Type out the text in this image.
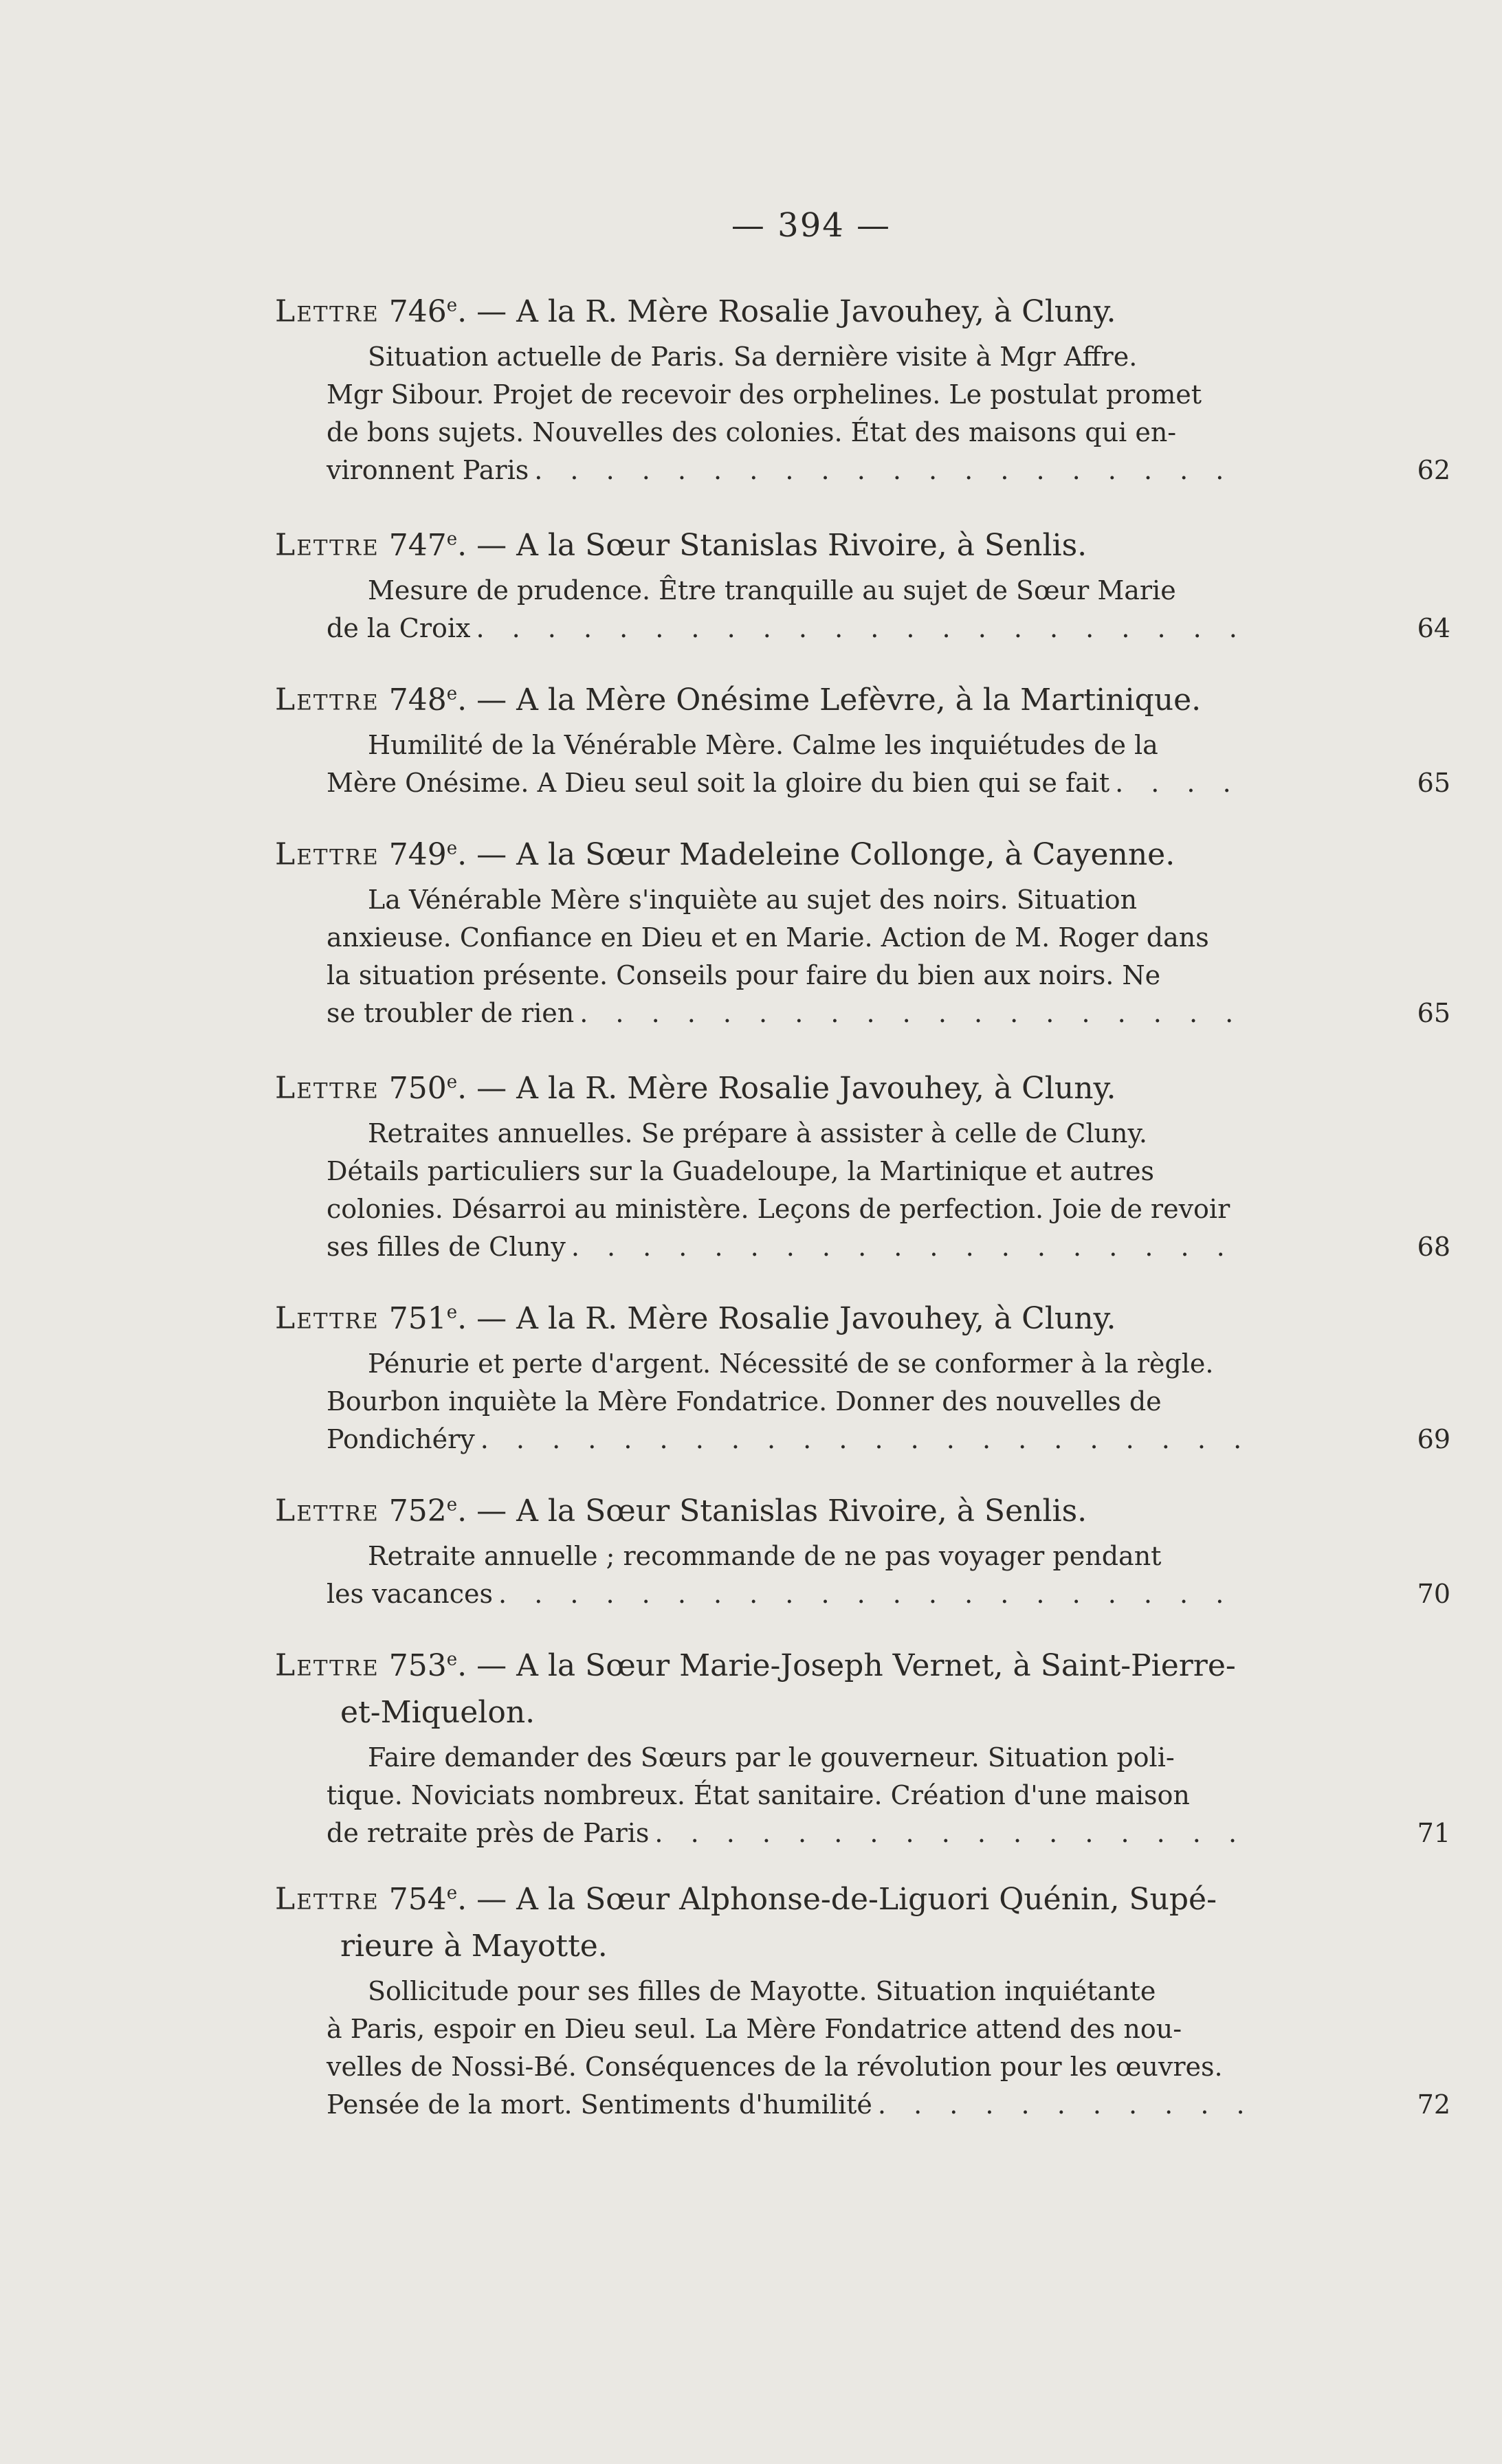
— 394 —
Lettre 746e. — A la R. Mère Rosalie Javouhey, à Cluny.
Situation actuelle de Paris. Sa dernière visite à Mgr Affre.
Mgr Sibour. Projet de recevoir des orphelines. Le postulat promet
de bons sujets. Nouvelles des colonies. État des maisons qui en-
vironnent Paris . . .	62
Lettre 747e. — A la Sœur Stanislas Rivoire, à Senlis.
Mesure de prudence. Être tranquille au sujet de Sœur Marie
de la Croix . . .	64
Lettre 748e. — A la Mère Onésime Lefèvre, à la Martinique.
Humilité de la Vénérable Mère. Calme les inquiétudes de la
Mère Onésime. A Dieu seul soit la gloire du bien qui se fait . . .	65
Lettre 749e. — A la Sœur Madeleine Collonge, à Cayenne.
La Vénérable Mère s'inquiète au sujet des noirs. Situation
anxieuse. Confiance en Dieu et en Marie. Action de M. Roger dans
la situation présente. Conseils pour faire du bien aux noirs. Ne
se troubler de rien . . .	65
Lettre 750e. — A la R. Mère Rosalie Javouhey, à Cluny.
Retraites annuelles. Se prépare à assister à celle de Cluny.
Détails particuliers sur la Guadeloupe, la Martinique et autres
colonies. Désarroi au ministère. Leçons de perfection. Joie de revoir
ses filles de Cluny . . .	68
Lettre 751e. — A la R. Mère Rosalie Javouhey, à Cluny.
Pénurie et perte d'argent. Nécessité de se conformer à la règle.
Bourbon inquiète la Mère Fondatrice. Donner des nouvelles de
Pondichéry . . .	69
Lettre 752e. — A la Sœur Stanislas Rivoire, à Senlis.
Retraite annuelle ; recommande de ne pas voyager pendant
les vacances . . .	70
Lettre 753e. — A la Sœur Marie-Joseph Vernet, à Saint-Pierre-
et-Miquelon.
Faire demander des Sœurs par le gouverneur. Situation poli-
tique. Noviciats nombreux. État sanitaire. Création d'une maison
de retraite près de Paris . . .	71
Lettre 754e. — A la Sœur Alphonse-de-Liguori Quénin, Supé-
rieure à Mayotte.
Sollicitude pour ses filles de Mayotte. Situation inquiétante
à Paris, espoir en Dieu seul. La Mère Fondatrice attend des nou-
velles de Nossi-Bé. Conséquences de la révolution pour les œuvres.
Pensée de la mort. Sentiments d'humilité . . .	72
